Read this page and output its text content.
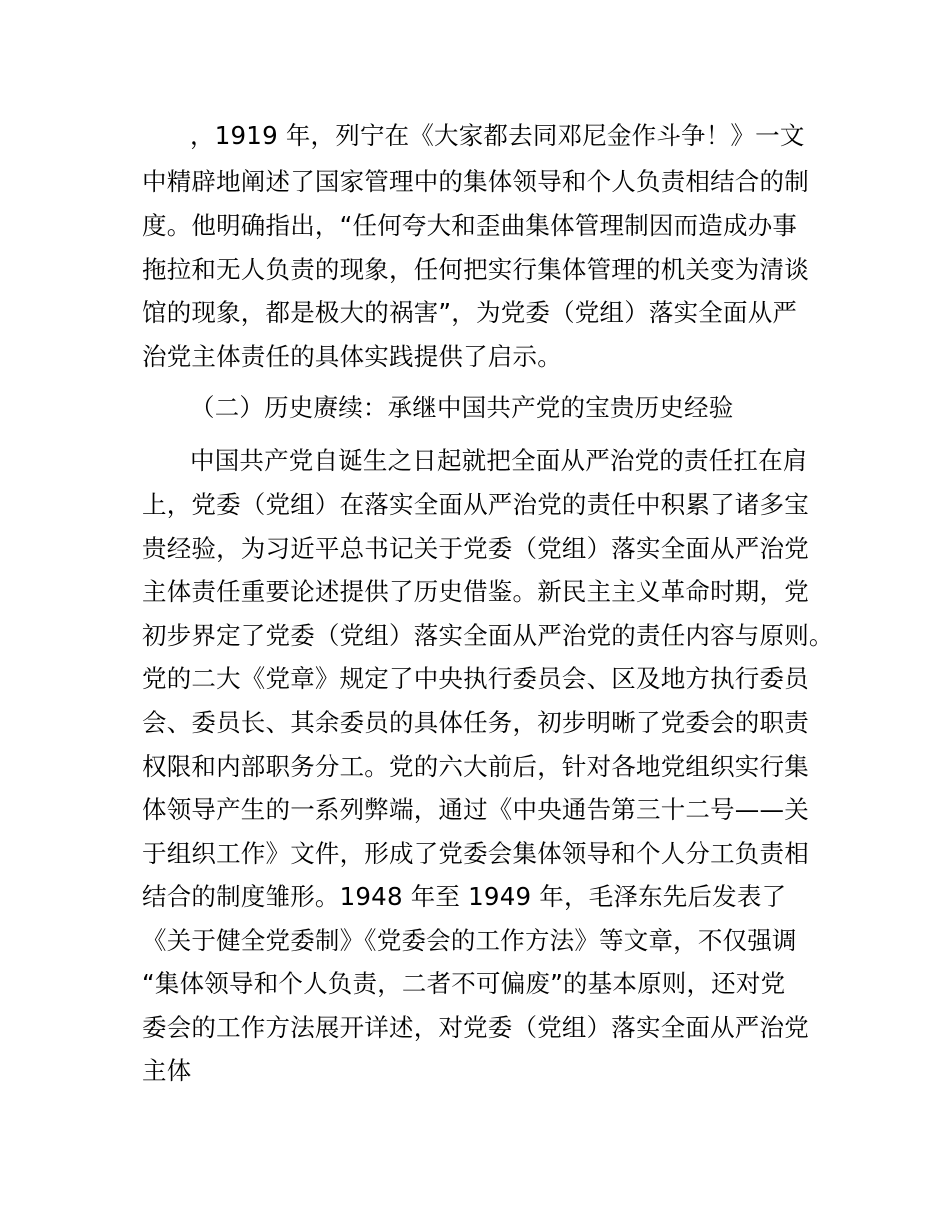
，1919 年，列宁在《大家都去同邓尼金作斗争！》一文
中精辟地阐述了国家管理中的集体领导和个人负责相结合的制
度。他明确指出，“任何夸大和歪曲集体管理制因而造成办事
拖拉和无人负责的现象，任何把实行集体管理的机关变为清谈
馆的现象，都是极大的祸害”，为党委（党组）落实全面从严
治党主体责任的具体实践提供了启示。
（二）历史赓续：承继中国共产党的宝贵历史经验
中国共产党自诞生之日起就把全面从严治党的责任扛在肩
上，党委（党组）在落实全面从严治党的责任中积累了诸多宝
贵经验，为习近平总书记关于党委（党组）落实全面从严治党
主体责任重要论述提供了历史借鉴。新民主主义革命时期，党
初步界定了党委（党组）落实全面从严治党的责任内容与原则。
党的二大《党章》规定了中央执行委员会、区及地方执行委员
会、委员长、其余委员的具体任务，初步明晰了党委会的职责
权限和内部职务分工。党的六大前后，针对各地党组织实行集
体领导产生的一系列弊端，通过《中央通告第三十二号——关
于组织工作》文件，形成了党委会集体领导和个人分工负责相
结合的制度雏形。1948 年至 1949 年，毛泽东先后发表了
《关于健全党委制》《党委会的工作方法》等文章，不仅强调
“集体领导和个人负责，二者不可偏废”的基本原则，还对党
委会的工作方法展开详述，对党委（党组）落实全面从严治党
主体
